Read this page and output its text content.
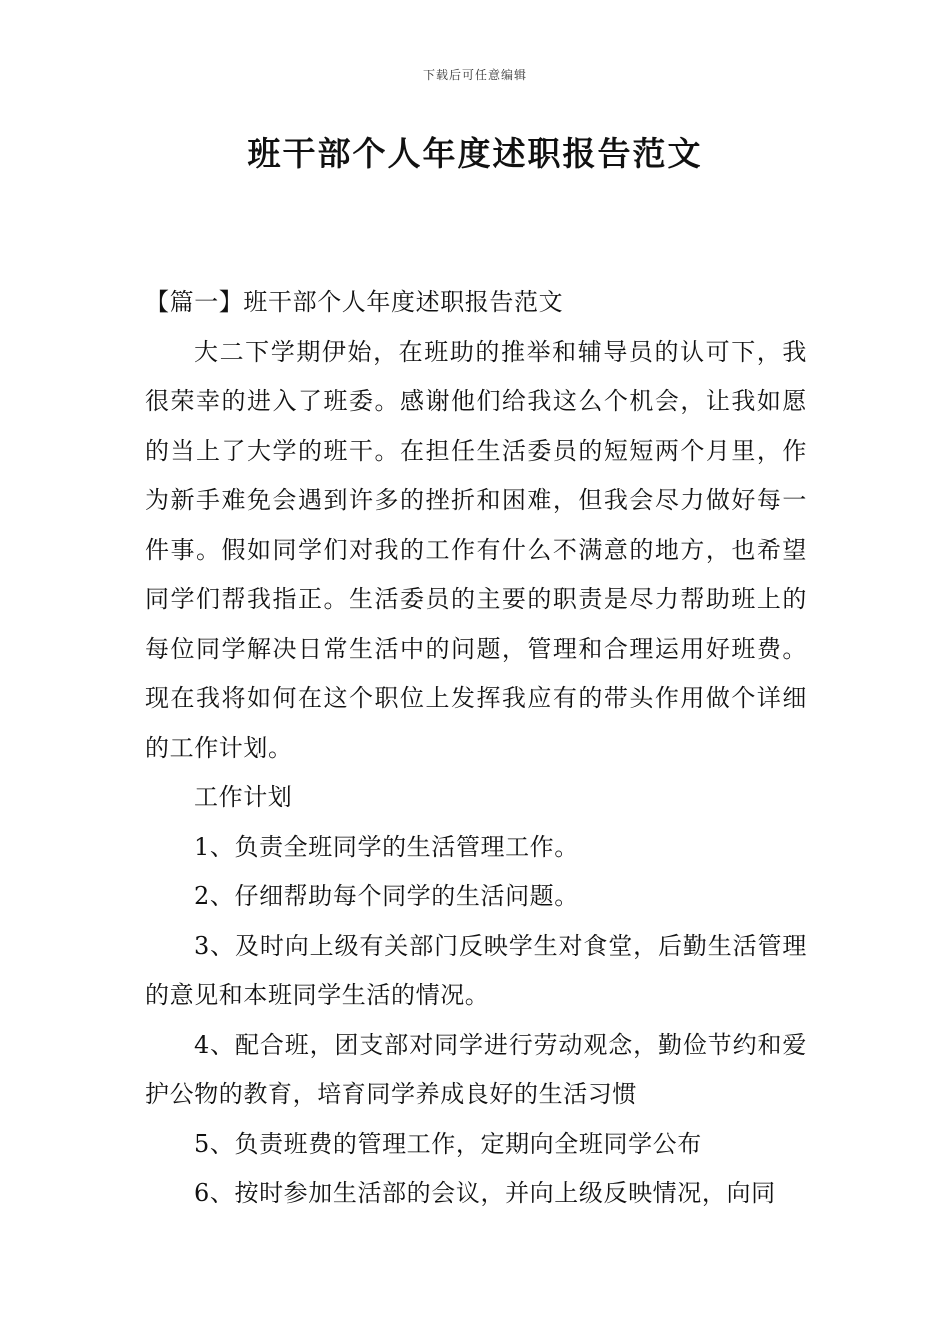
下载后可任意编辑
班干部个人年度述职报告范文

【篇一】班干部个人年度述职报告范文

大二下学期伊始，在班助的推举和辅导员的认可下，我很荣幸的进入了班委。感谢他们给我这么个机会，让我如愿的当上了大学的班干。在担任生活委员的短短两个月里，作为新手难免会遇到许多的挫折和困难，但我会尽力做好每一件事。假如同学们对我的工作有什么不满意的地方，也希望同学们帮我指正。生活委员的主要的职责是尽力帮助班上的每位同学解决日常生活中的问题，管理和合理运用好班费。现在我将如何在这个职位上发挥我应有的带头作用做个详细的工作计划。

工作计划

1、负责全班同学的生活管理工作。

2、仔细帮助每个同学的生活问题。

3、及时向上级有关部门反映学生对食堂，后勤生活管理的意见和本班同学生活的情况。

4、配合班，团支部对同学进行劳动观念，勤俭节约和爱护公物的教育，培育同学养成良好的生活习惯

5、负责班费的管理工作，定期向全班同学公布

6、按时参加生活部的会议，并向上级反映情况，向同
